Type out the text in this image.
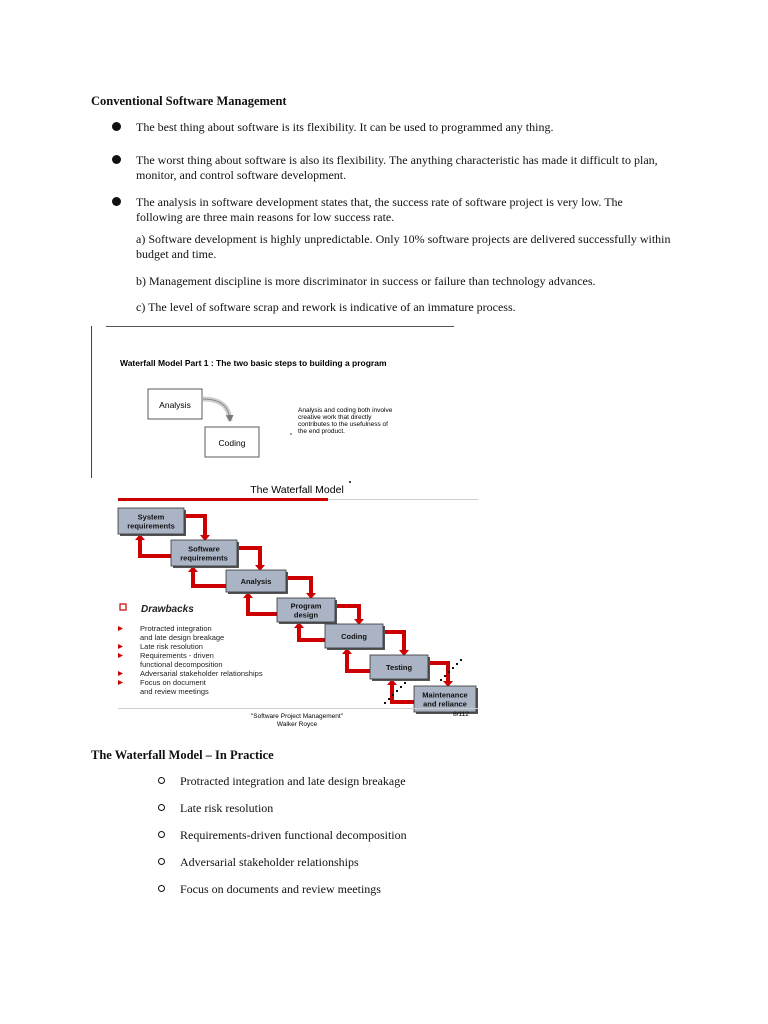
Conventional Software Management
The best thing about software is its flexibility. It can be used to programmed any thing.
The worst thing about software is also its flexibility. The anything characteristic has made it difficult to plan, monitor, and control software development.
The analysis in software development states that, the success rate of software project is very low. The following are three main reasons for low success rate.

a) Software development is highly unpredictable. Only 10% software projects are delivered successfully within budget and time.

b) Management discipline is more discriminator in success or failure than technology advances.

c) The level of software scrap and rework is indicative of an immature process.

Waterfall Model Part 1 : The two basic steps to building a program
Analysis
Coding
Analysis and coding both involve
creative work that directly
contributes to the usefulness of
the end product.
The Waterfall Model
System
requirements
Software
requirements
Analysis
Program
design
Coding
Testing
Maintenance
and reliance
Drawbacks
Protracted integration
and late design breakage
Late risk resolution
Requirements - driven
functional decomposition
Adversarial stakeholder relationships
Focus on document
and review meetings
"Software Project Management"
Walker Royce
8/112
The Waterfall Model – In Practice
Protracted integration and late design breakage
Late risk resolution
Requirements-driven functional decomposition
Adversarial stakeholder relationships
Focus on documents and review meetings
